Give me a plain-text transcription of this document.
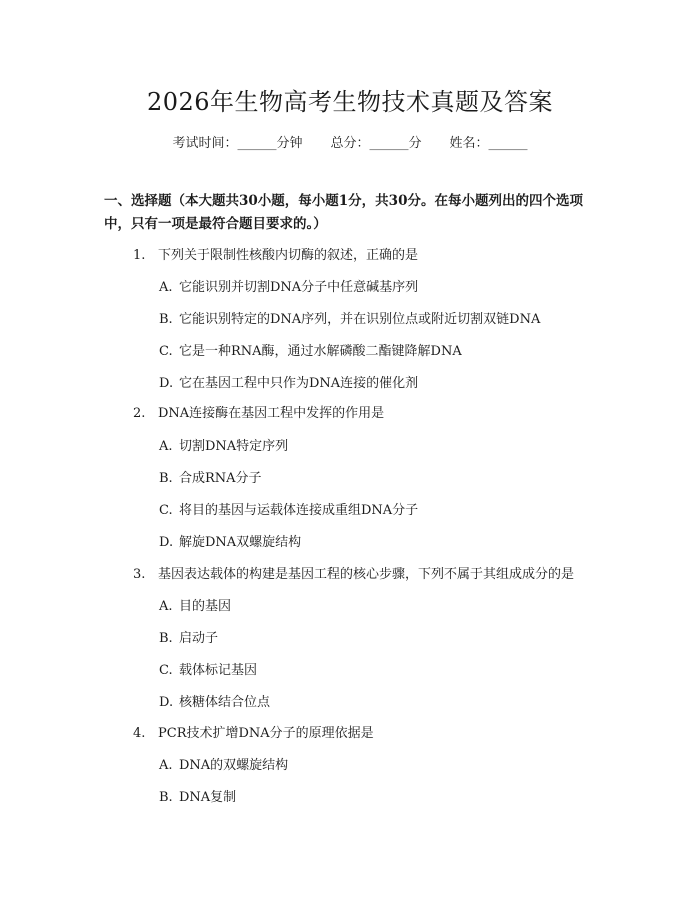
2026年生物高考生物技术真题及答案
考试时间：______分钟 总分：______分 姓名：______
一、选择题（本大题共30小题，每小题1分，共30分。在每小题列出的四个选项中，只有一项是最符合题目要求的。）
1. 下列关于限制性核酸内切酶的叙述，正确的是
A. 它能识别并切割DNA分子中任意碱基序列
B. 它能识别特定的DNA序列，并在识别位点或附近切割双链DNA
C. 它是一种RNA酶，通过水解磷酸二酯键降解DNA
D. 它在基因工程中只作为DNA连接的催化剂
2. DNA连接酶在基因工程中发挥的作用是
A. 切割DNA特定序列
B. 合成RNA分子
C. 将目的基因与运载体连接成重组DNA分子
D. 解旋DNA双螺旋结构
3. 基因表达载体的构建是基因工程的核心步骤，下列不属于其组成成分的是
A. 目的基因
B. 启动子
C. 载体标记基因
D. 核糖体结合位点
4. PCR技术扩增DNA分子的原理依据是
A. DNA的双螺旋结构
B. DNA复制
